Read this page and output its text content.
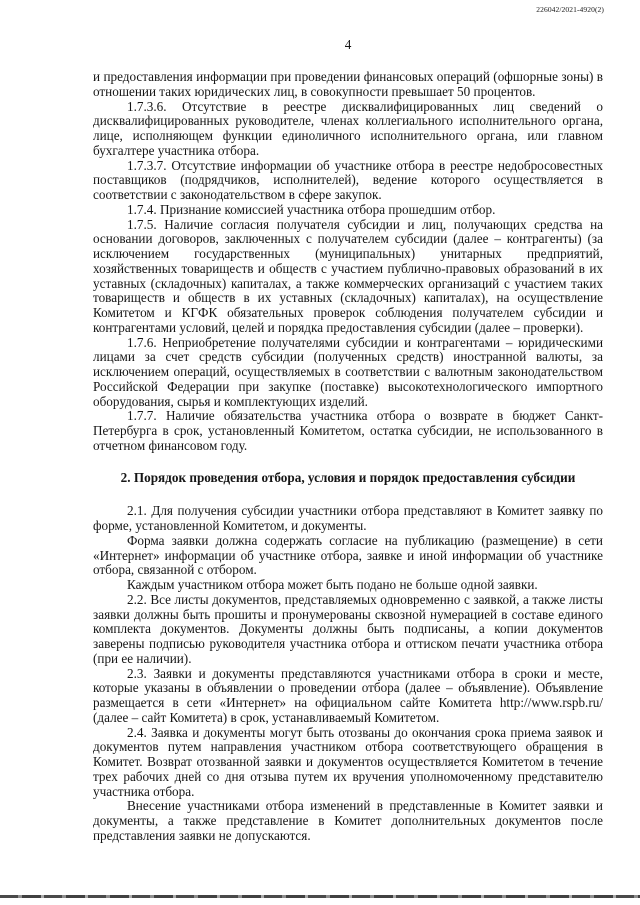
226042/2021-4920(2)
4

и предоставления информации при проведении финансовых операций (офшорные зоны) в отношении таких юридических лиц, в совокупности превышает 50 процентов.

1.7.3.6. Отсутствие в реестре дисквалифицированных лиц сведений о дисквалифицированных руководителе, членах коллегиального исполнительного органа, лице, исполняющем функции единоличного исполнительного органа, или главном бухгалтере участника отбора.

1.7.3.7. Отсутствие информации об участнике отбора в реестре недобросовестных поставщиков (подрядчиков, исполнителей), ведение которого осуществляется в соответствии с законодательством в сфере закупок.

1.7.4. Признание комиссией участника отбора прошедшим отбор.

1.7.5. Наличие согласия получателя субсидии и лиц, получающих средства на основании договоров, заключенных с получателем субсидии (далее – контрагенты) (за исключением государственных (муниципальных) унитарных предприятий, хозяйственных товариществ и обществ с участием публично-правовых образований в их уставных (складочных) капиталах, а также коммерческих организаций с участием таких товариществ и обществ в их уставных (складочных) капиталах), на осуществление Комитетом и КГФК обязательных проверок соблюдения получателем субсидии и контрагентами условий, целей и порядка предоставления субсидии (далее – проверки).

1.7.6. Неприобретение получателями субсидии и контрагентами – юридическими лицами за счет средств субсидии (полученных средств) иностранной валюты, за исключением операций, осуществляемых в соответствии с валютным законодательством Российской Федерации при закупке (поставке) высокотехнологического импортного оборудования, сырья и комплектующих изделий.

1.7.7. Наличие обязательства участника отбора о возврате в бюджет Санкт-Петербурга в срок, установленный Комитетом, остатка субсидии, не использованного в отчетном финансовом году.

2. Порядок проведения отбора, условия и порядок предоставления субсидии

2.1. Для получения субсидии участники отбора представляют в Комитет заявку по форме, установленной Комитетом, и документы.

Форма заявки должна содержать согласие на публикацию (размещение) в сети «Интернет» информации об участнике отбора, заявке и иной информации об участнике отбора, связанной с отбором.

Каждым участником отбора может быть подано не больше одной заявки.

2.2. Все листы документов, представляемых одновременно с заявкой, а также листы заявки должны быть прошиты и пронумерованы сквозной нумерацией в составе единого комплекта документов. Документы должны быть подписаны, а копии документов заверены подписью руководителя участника отбора и оттиском печати участника отбора (при ее наличии).

2.3. Заявки и документы представляются участниками отбора в сроки и месте, которые указаны в объявлении о проведении отбора (далее – объявление). Объявление размещается в сети «Интернет» на официальном сайте Комитета http://www.rspb.ru/ (далее – сайт Комитета) в срок, устанавливаемый Комитетом.

2.4. Заявка и документы могут быть отозваны до окончания срока приема заявок и документов путем направления участником отбора соответствующего обращения в Комитет. Возврат отозванной заявки и документов осуществляется Комитетом в течение трех рабочих дней со дня отзыва путем их вручения уполномоченному представителю участника отбора.

Внесение участниками отбора изменений в представленные в Комитет заявки и документы, а также представление в Комитет дополнительных документов после представления заявки не допускаются.
